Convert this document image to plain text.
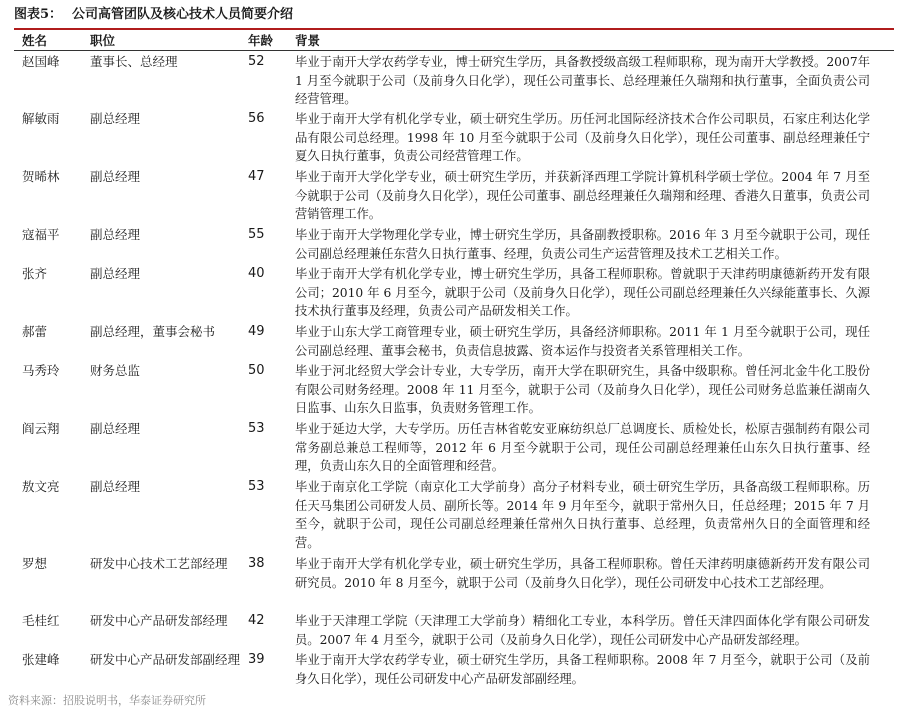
图表5： 公司高管团队及核心技术人员简要介绍
姓名	职位	年龄	背景
赵国峰	董事长、总经理	52	毕业于南开大学农药学专业，博士研究生学历，具备教授级高级工程师职称，现为南开大学教授。2007年 1 月至今就职于公司（及前身久日化学），现任公司董事长、总经理兼任久瑞翔和执行董事，全面负责公司经营管理。
解敏雨	副总经理	56	毕业于南开大学有机化学专业，硕士研究生学历。历任河北国际经济技术合作公司职员，石家庄利达化学品有限公司总经理。1998 年 10 月至今就职于公司（及前身久日化学），现任公司董事、副总经理兼任宁夏久日执行董事，负责公司经营管理工作。
贺晞林	副总经理	47	毕业于南开大学化学专业，硕士研究生学历，并获新泽西理工学院计算机科学硕士学位。2004 年 7 月至今就职于公司（及前身久日化学），现任公司董事、副总经理兼任久瑞翔和经理、香港久日董事，负责公司营销管理工作。
寇福平	副总经理	55	毕业于南开大学物理化学专业，博士研究生学历，具备副教授职称。2016 年 3 月至今就职于公司，现任公司副总经理兼任东营久日执行董事、经理，负责公司生产运营管理及技术工艺相关工作。
张齐	副总经理	40	毕业于南开大学有机化学专业，博士研究生学历，具备工程师职称。曾就职于天津药明康德新药开发有限公司；2010 年 6 月至今，就职于公司（及前身久日化学），现任公司副总经理兼任久兴绿能董事长、久源技术执行董事及经理，负责公司产品研发相关工作。
郝蕾	副总经理，董事会秘书	49	毕业于山东大学工商管理专业，硕士研究生学历，具备经济师职称。2011 年 1 月至今就职于公司，现任公司副总经理、董事会秘书，负责信息披露、资本运作与投资者关系管理相关工作。
马秀玲	财务总监	50	毕业于河北经贸大学会计专业，大专学历，南开大学在职研究生，具备中级职称。曾任河北金牛化工股份有限公司财务经理。2008 年 11 月至今，就职于公司（及前身久日化学），现任公司财务总监兼任湖南久日监事、山东久日监事，负责财务管理工作。
阎云翔	副总经理	53	毕业于延边大学，大专学历。历任吉林省乾安亚麻纺织总厂总调度长、质检处长，松原吉强制药有限公司常务副总兼总工程师等，2012 年 6 月至今就职于公司，现任公司副总经理兼任山东久日执行董事、经理，负责山东久日的全面管理和经营。
敖文亮	副总经理	53	毕业于南京化工学院（南京化工大学前身）高分子材料专业，硕士研究生学历，具备高级工程师职称。历任天马集团公司研发人员、副所长等。2014 年 9 月年至今，就职于常州久日，任总经理；2015 年 7 月至今，就职于公司，现任公司副总经理兼任常州久日执行董事、总经理，负责常州久日的全面管理和经营。
罗想	研发中心技术工艺部经理	38	毕业于南开大学有机化学专业，硕士研究生学历，具备工程师职称。曾任天津药明康德新药开发有限公司研究员。2010 年 8 月至今，就职于公司（及前身久日化学），现任公司研发中心技术工艺部经理。
毛桂红	研发中心产品研发部经理	42	毕业于天津理工学院（天津理工大学前身）精细化工专业，本科学历。曾任天津四面体化学有限公司研发员。2007 年 4 月至今，就职于公司（及前身久日化学），现任公司研发中心产品研发部经理。
张建峰	研发中心产品研发部副经理 39	毕业于南开大学农药学专业，硕士研究生学历，具备工程师职称。2008 年 7 月至今，就职于公司（及前身久日化学），现任公司研发中心产品研发部副经理。
资料来源：招股说明书，华泰证券研究所
